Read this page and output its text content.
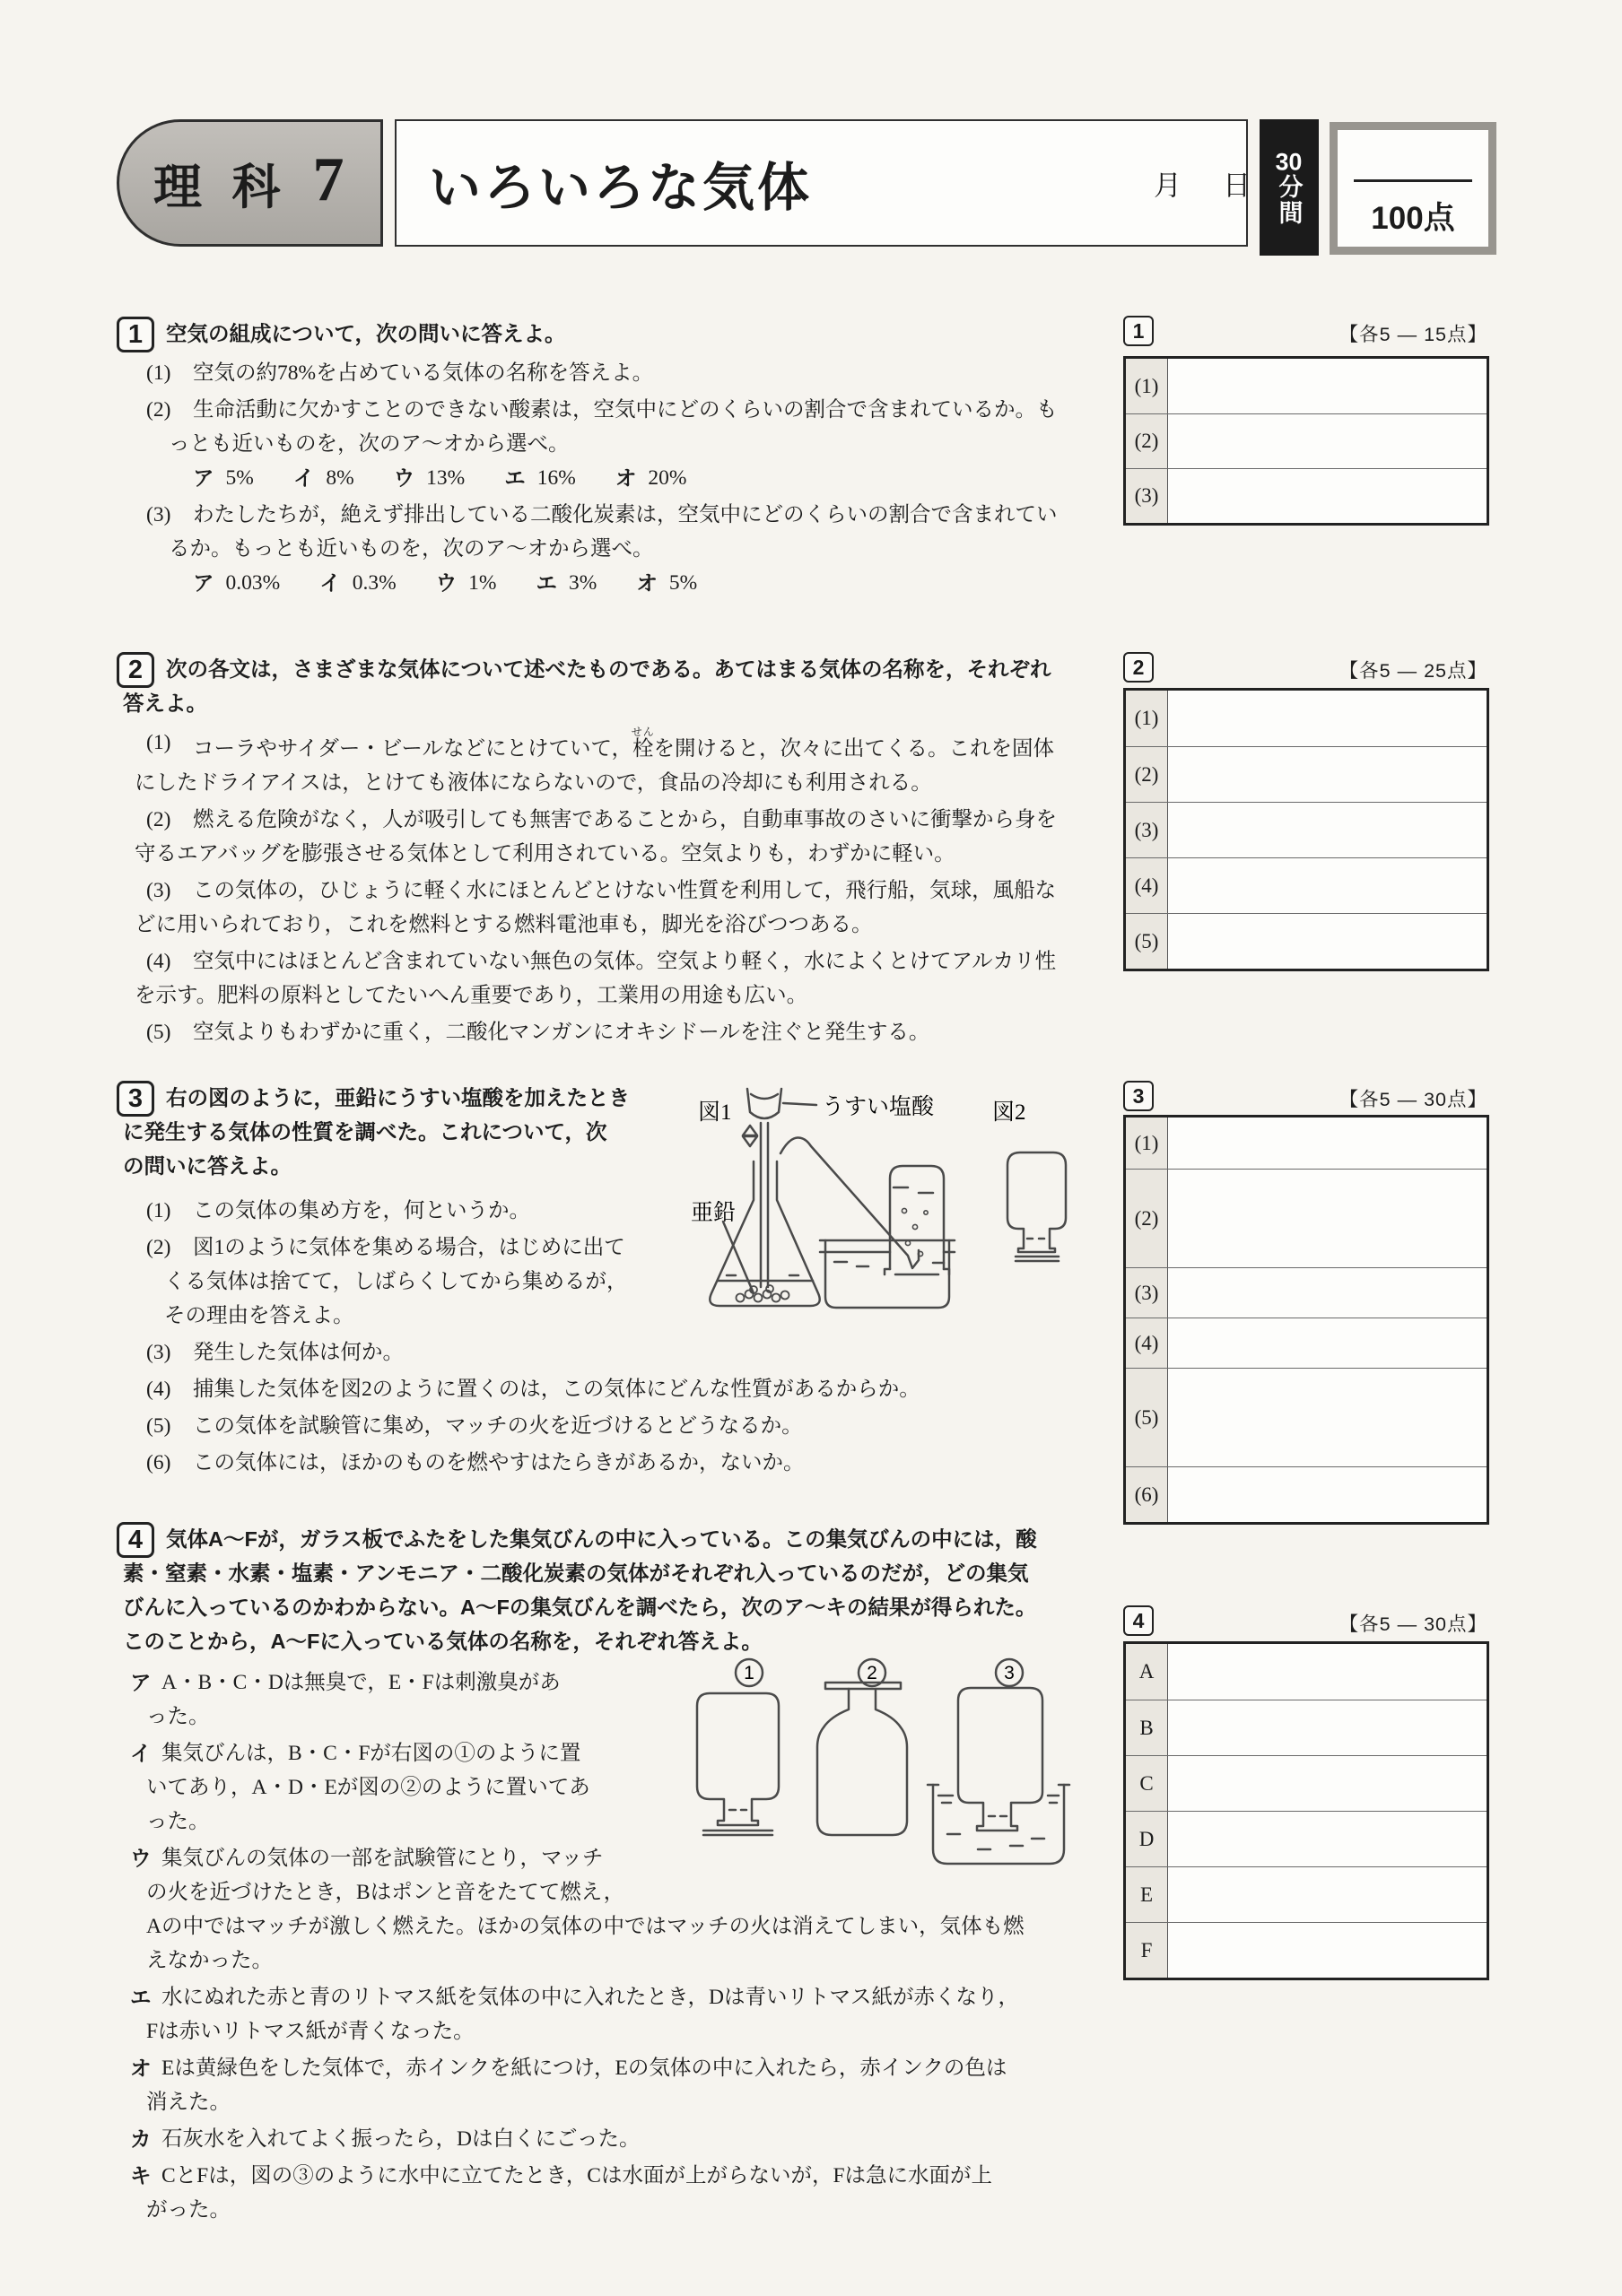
理 科 7 いろいろな気体	月 日
30分間	100点
1	空気の組成について，次の問いに答えよ。
(1) 空気の約78%を占めている気体の名称を答えよ。
(2) 生命活動に欠かすことのできない酸素は，空気中にどのくらいの割合で含まれているか。も
っとも近いものを，次のア～オから選べ。
ア 5% イ 8% ウ 13% エ 16% オ 20%
(3) わたしたちが，絶えず排出している二酸化炭素は，空気中にどのくらいの割合で含まれてい
るか。もっとも近いものを，次のア～オから選べ。
ア 0.03% イ 0.3% ウ 1% エ 3% オ 5%
2	次の各文は，さまざまな気体について述べたものである。あてはまる気体の名称を，それぞれ
答えよ。
(1) コーラやサイダー・ビールなどにとけていて，栓せんを開けると，次々に出てくる。これを固体
にしたドライアイスは，とけても液体にならないので，食品の冷却にも利用される。
(2) 燃える危険がなく，人が吸引しても無害であることから，自動車事故のさいに衝撃から身を
守るエアバッグを膨張させる気体として利用されている。空気よりも，わずかに軽い。
(3) この気体の，ひじょうに軽く水にほとんどとけない性質を利用して，飛行船，気球，風船な
どに用いられており，これを燃料とする燃料電池車も，脚光を浴びつつある。
(4) 空気中にはほとんど含まれていない無色の気体。空気より軽く，水によくとけてアルカリ性
を示す。肥料の原料としてたいへん重要であり，工業用の用途も広い。
(5) 空気よりもわずかに重く，二酸化マンガンにオキシドールを注ぐと発生する。
3	右の図のように，亜鉛にうすい塩酸を加えたとき
に発生する気体の性質を調べた。これについて，次
の問いに答えよ。
(1) この気体の集め方を，何というか。
(2) 図1のように気体を集める場合，はじめに出て
くる気体は捨てて，しばらくしてから集めるが，
その理由を答えよ。
(3) 発生した気体は何か。
(4) 捕集した気体を図2のように置くのは，この気体にどんな性質があるからか。
(5) この気体を試験管に集め，マッチの火を近づけるとどうなるか。
(6) この気体には，ほかのものを燃やすはたらきがあるか，ないか。
図1	うすい塩酸
亜鉛
図2
4	気体A～Fが，ガラス板でふたをした集気びんの中に入っている。この集気びんの中には，酸
素・窒素・水素・塩素・アンモニア・二酸化炭素の気体がそれぞれ入っているのだが，どの集気
びんに入っているのかわからない。A～Fの集気びんを調べたら，次のア～キの結果が得られた。
このことから，A～Fに入っている気体の名称を，それぞれ答えよ。
ア A・B・C・Dは無臭で，E・Fは刺激臭があ
った。
イ 集気びんは，B・C・Fが右図の①のように置
いてあり，A・D・Eが図の②のように置いてあ
った。
ウ 集気びんの気体の一部を試験管にとり，マッチ
の火を近づけたとき，Bはポンと音をたてて燃え，
Aの中ではマッチが激しく燃えた。ほかの気体の中ではマッチの火は消えてしまい，気体も燃
えなかった。
エ 水にぬれた赤と青のリトマス紙を気体の中に入れたとき，Dは青いリトマス紙が赤くなり，
Fは赤いリトマス紙が青くなった。
オ Eは黄緑色をした気体で，赤インクを紙につけ，Eの気体の中に入れたら，赤インクの色は
消えた。
カ 石灰水を入れてよく振ったら，Dは白くにごった。
キ CとFは，図の③のように水中に立てたとき，Cは水面が上がらないが，Fは急に水面が上
がった。
1	2	3
1	【各5 ― 15点】
(1)
(2)
(3)
2	【各5 ― 25点】
(1)
(2)
(3)
(4)
(5)
3	【各5 ― 30点】
(1)
(2)
(3)
(4)
(5)
(6)
4	【各5 ― 30点】
A
B
C
D
E
F
